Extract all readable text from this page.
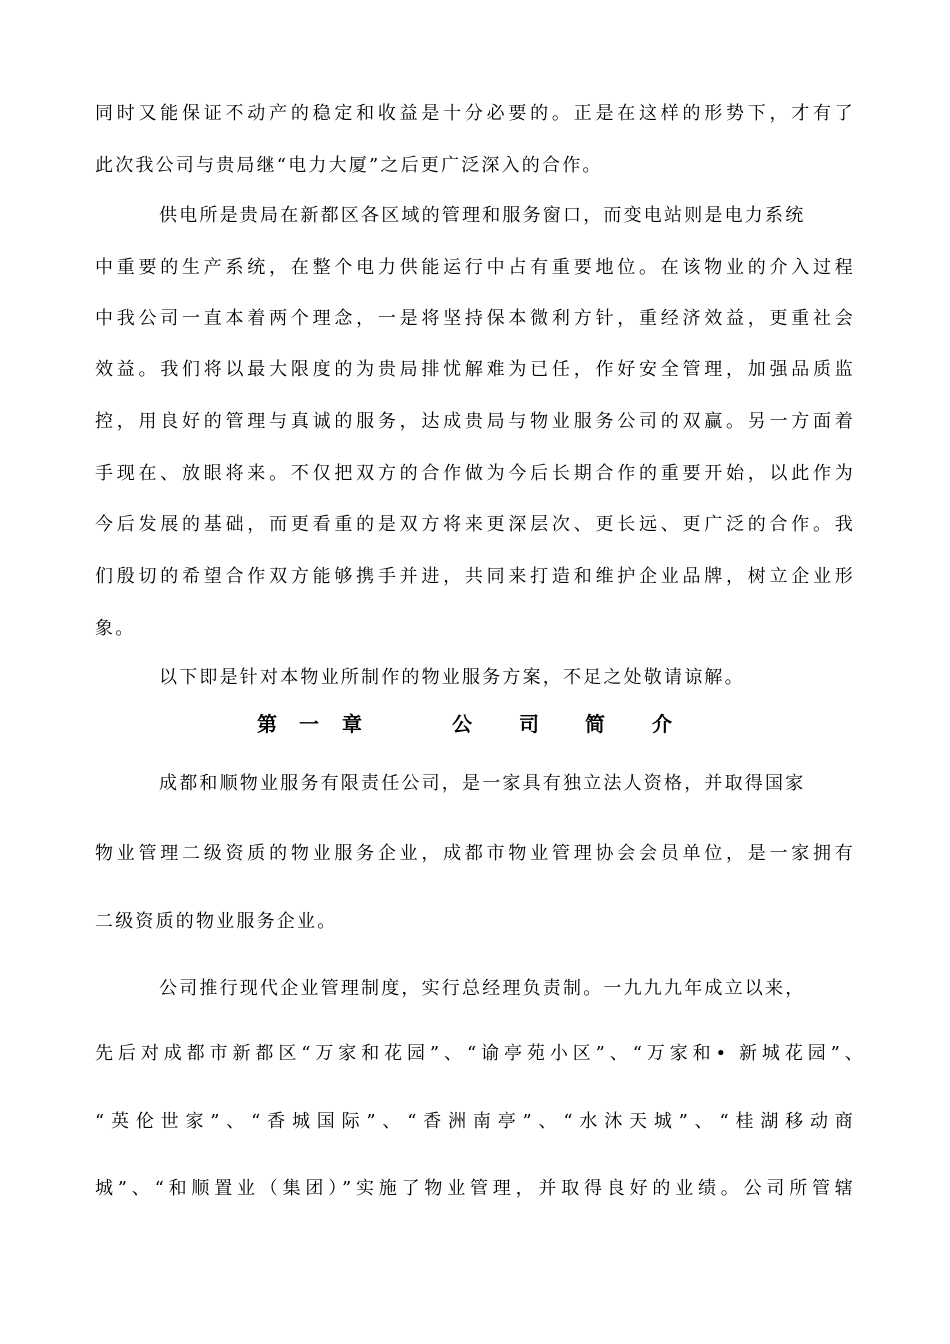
同时又能保证不动产的稳定和收益是十分必要的。正是在这样的形势下，才有了
此次我公司与贵局继“电力大厦”之后更广泛深入的合作。
供电所是贵局在新都区各区域的管理和服务窗口，而变电站则是电力系统
中重要的生产系统，在整个电力供能运行中占有重要地位。在该物业的介入过程
中我公司一直本着两个理念，一是将坚持保本微利方针，重经济效益，更重社会
效益。我们将以最大限度的为贵局排忧解难为已任，作好安全管理，加强品质监
控，用良好的管理与真诚的服务，达成贵局与物业服务公司的双赢。另一方面着
手现在、放眼将来。不仅把双方的合作做为今后长期合作的重要开始，以此作为
今后发展的基础，而更看重的是双方将来更深层次、更长远、更广泛的合作。我
们殷切的希望合作双方能够携手并进，共同来打造和维护企业品牌，树立企业形
象。
以下即是针对本物业所制作的物业服务方案，不足之处敬请谅解。
第 一 章	公 司 简 介
成都和顺物业服务有限责任公司，是一家具有独立法人资格，并取得国家
物业管理二级资质的物业服务企业，成都市物业管理协会会员单位，是一家拥有
二级资质的物业服务企业。
公司推行现代企业管理制度，实行总经理负责制。一九九九年成立以来，
先后对成都市新都区“万家和花园”、“谕亭苑小区”、“万家和• 新城花园”、
“英伦世家”、“香城国际”、“香洲南亭”、“水沐天城”、“桂湖移动商
城”、“和顺置业（集团）”实施了物业管理，并取得良好的业绩。公司所管辖
